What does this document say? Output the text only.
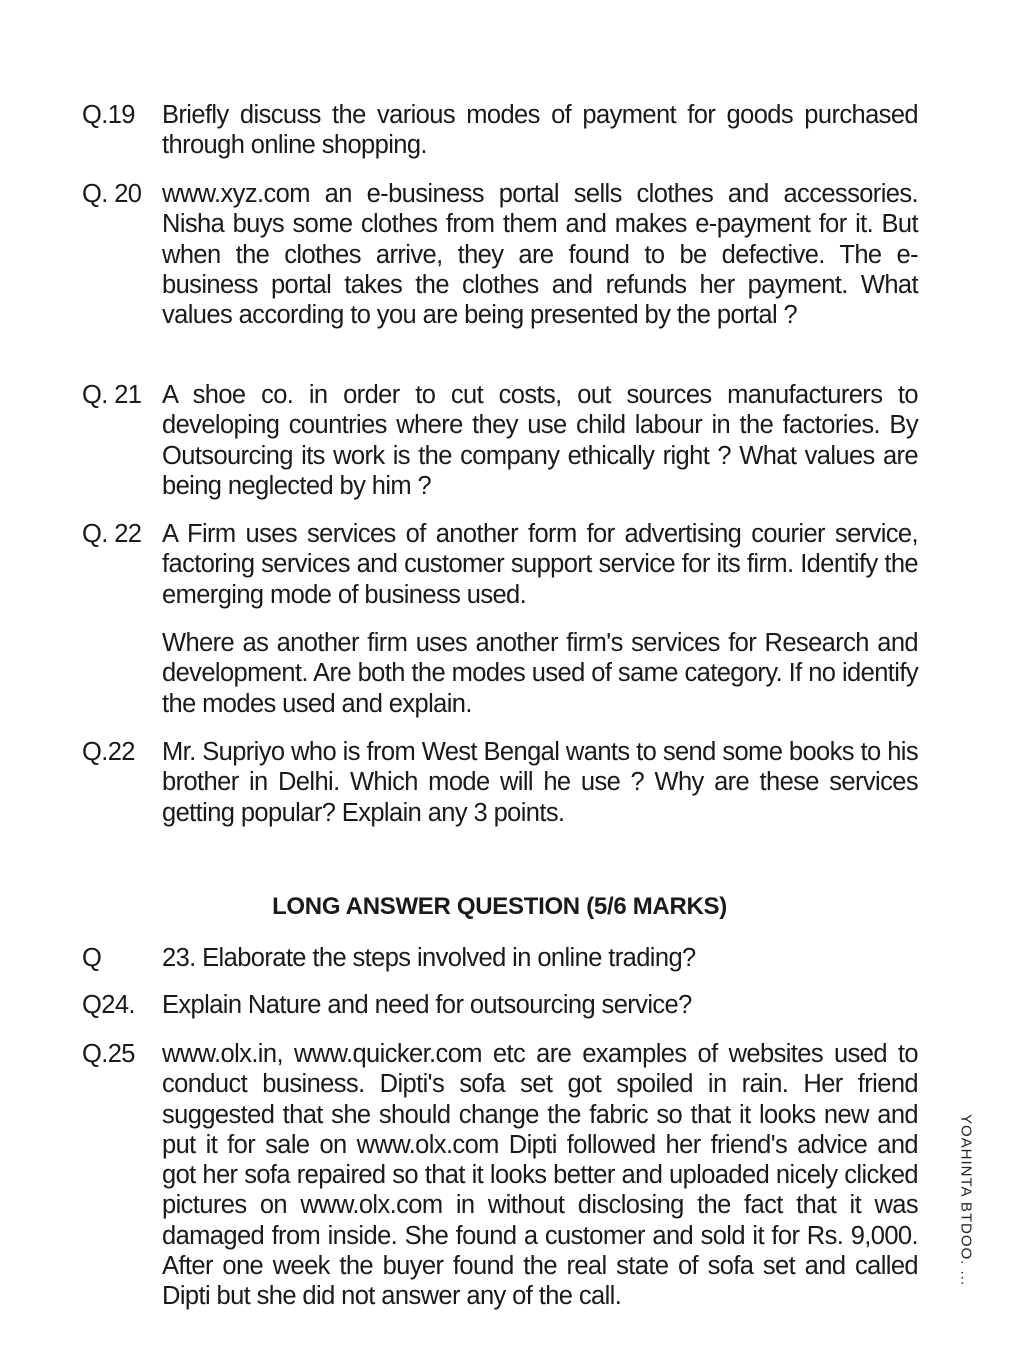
Q.19 Briefly discuss the various modes of payment for goods purchased through online shopping.

Q. 20 www.xyz.com an e-business portal sells clothes and accessories. Nisha buys some clothes from them and makes e-payment for it. But when the clothes arrive, they are found to be defective. The e-business portal takes the clothes and refunds her payment. What values according to you are being presented by the portal ?

Q. 21 A shoe co. in order to cut costs, out sources manufacturers to developing countries where they use child labour in the factories. By Outsourcing its work is the company ethically right ? What values are being neglected by him ?

Q. 22 A Firm uses services of another form for advertising courier service, factoring services and customer support service for its firm. Identify the emerging mode of business used.

Where as another firm uses another firm's services for Research and development. Are both the modes used of same category. If no identify the modes used and explain.
Q.22 Mr. Supriyo who is from West Bengal wants to send some books to his brother in Delhi. Which mode will he use ? Why are these services getting popular? Explain any 3 points.

LONG ANSWER QUESTION (5/6 MARKS)
Q 23. Elaborate the steps involved in online trading?

Q24. Explain Nature and need for outsourcing service?

Q.25 www.olx.in, www.quicker.com etc are examples of websites used to conduct business. Dipti's sofa set got spoiled in rain. Her friend suggested that she should change the fabric so that it looks new and put it for sale on www.olx.com Dipti followed her friend's advice and got her sofa repaired so that it looks better and uploaded nicely clicked pictures on www.olx.com in without disclosing the fact that it was damaged from inside. She found a customer and sold it for Rs. 9,000. After one week the buyer found the real state of sofa set and called Dipti but she did not answer any of the call.

YOAHINTA BTDOO. ...
